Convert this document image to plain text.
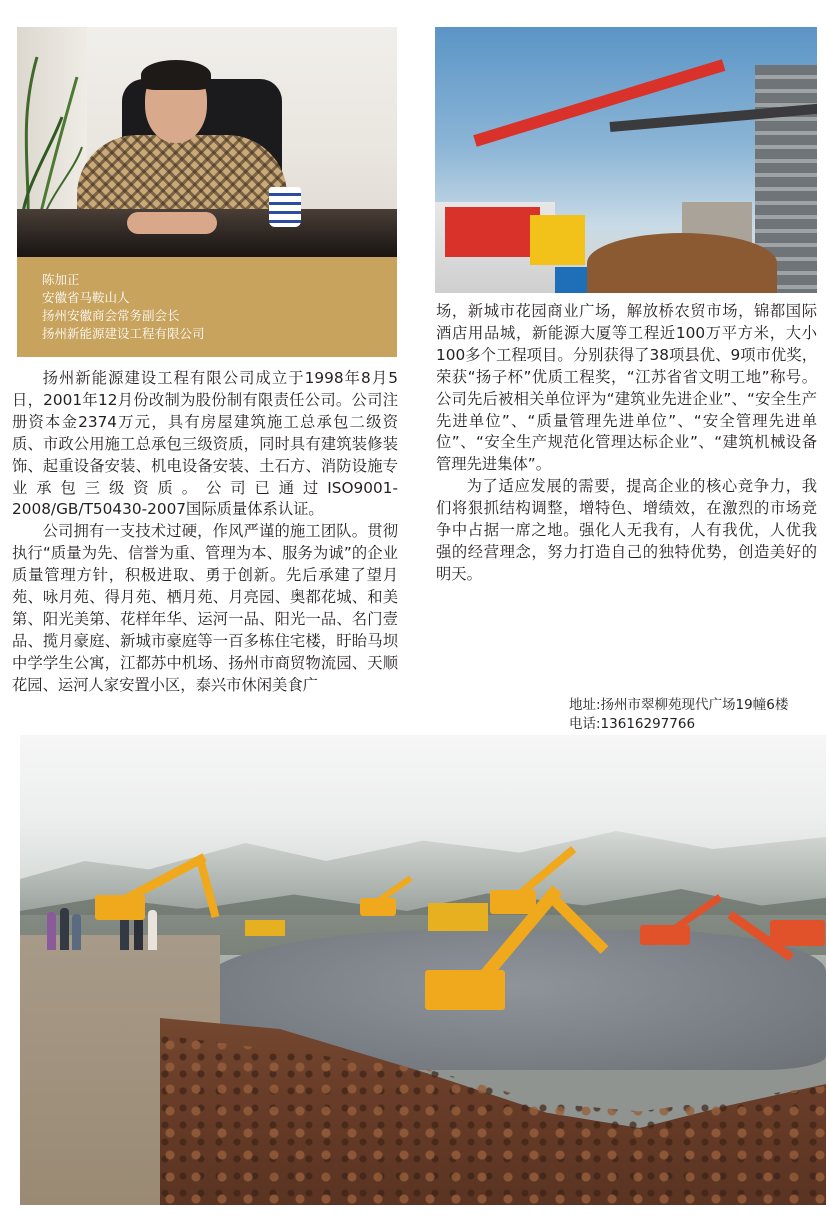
陈加正

安徽省马鞍山人

扬州安徽商会常务副会长

扬州新能源建设工程有限公司

扬州新能源建设工程有限公司成立于1998年8月5日，2001年12月份改制为股份制有限责任公司。公司注册资本金2374万元，具有房屋建筑施工总承包二级资质、市政公用施工总承包三级资质，同时具有建筑装修装饰、起重设备安装、机电设备安装、土石方、消防设施专业承包三级资质。公司已通过ISO9001-2008/GB/T50430-2007国际质量体系认证。

公司拥有一支技术过硬，作风严谨的施工团队。贯彻执行“质量为先、信誉为重、管理为本、服务为诚”的企业质量管理方针，积极进取、勇于创新。先后承建了望月苑、咏月苑、得月苑、栖月苑、月亮园、奥都花城、和美第、阳光美第、花样年华、运河一品、阳光一品、名门壹品、揽月豪庭、新城市豪庭等一百多栋住宅楼，盱眙马坝中学学生公寓，江都苏中机场、扬州市商贸物流园、天顺花园、运河人家安置小区，泰兴市休闲美食广

场，新城市花园商业广场，解放桥农贸市场，锦都国际酒店用品城，新能源大厦等工程近100万平方米，大小100多个工程项目。分别获得了38项县优、9项市优奖，荣获“扬子杯”优质工程奖，“江苏省省文明工地”称号。公司先后被相关单位评为“建筑业先进企业”、“安全生产先进单位”、“质量管理先进单位”、“安全管理先进单位”、“安全生产规范化管理达标企业”、“建筑机械设备管理先进集体”。

为了适应发展的需要，提高企业的核心竞争力，我们将狠抓结构调整，增特色、增绩效，在激烈的市场竞争中占据一席之地。强化人无我有，人有我优，人优我强的经营理念，努力打造自己的独特优势，创造美好的明天。

地址:扬州市翠柳苑现代广场19幢6楼
电话:13616297766
